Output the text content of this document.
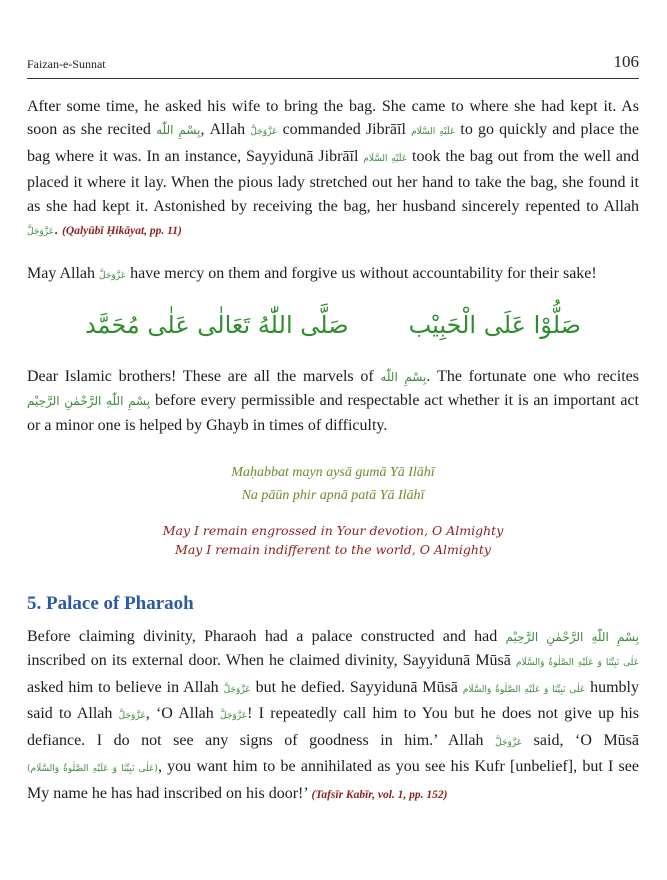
Faizan-e-Sunnat	106

After some time, he asked his wife to bring the bag. She came to where she had kept it. As soon as she recited بِسْمِ اللّٰه, Allah عَزَّوَجَلَّ commanded Jibrāīl عَلَيْهِ السَّلَام to go quickly and place the bag where it was. In an instance, Sayyidunā Jibrāīl عَلَيْهِ السَّلَام took the bag out from the well and placed it where it lay. When the pious lady stretched out her hand to take the bag, she found it as she had kept it. Astonished by receiving the bag, her husband sincerely repented to Allah عَزَّوَجَلَّ. (Qalyūbī Ḥikāyat, pp. 11)

May Allah عَزَّوَجَلَّ have mercy on them and forgive us without accountability for their sake!

صَلَّى اللّٰهُ تَعَالٰى عَلٰى مُحَمَّد	صَلُّوْا عَلَى الْحَبِيْب

Dear Islamic brothers! These are all the marvels of بِسْمِ اللّٰه. The fortunate one who recites بِسْمِ اللّٰهِ الرَّحْمٰنِ الرَّحِيْم before every permissible and respectable act whether it is an important act or a minor one is helped by Ghayb in times of difficulty.

Maḥabbat mayn aysā gumā Yā Ilāhī
Na pāūn phir apnā patā Yā Ilāhī
May I remain engrossed in Your devotion, O Almighty
May I remain indifferent to the world, O Almighty
5. Palace of Pharaoh

Before claiming divinity, Pharaoh had a palace constructed and had بِسْمِ اللّٰهِ الرَّحْمٰنِ الرَّحِيْم inscribed on its external door. When he claimed divinity, Sayyidunā Mūsā عَلٰى نَبِيِّنَا وَ عَلَيْهِ الصَّلٰوةُ وَالسَّلَام asked him to believe in Allah عَزَّوَجَلَّ but he defied. Sayyidunā Mūsā عَلٰى نَبِيِّنَا وَ عَلَيْهِ الصَّلٰوةُ وَالسَّلَام humbly said to Allah عَزَّوَجَلَّ, ‘O Allah عَزَّوَجَلَّ! I repeatedly call him to You but he does not give up his defiance. I do not see any signs of goodness in him.’ Allah عَزَّوَجَلَّ said, ‘O Mūsā (عَلٰى نَبِيِّنَا وَ عَلَيْهِ الصَّلٰوةُ وَالسَّلَام), you want him to be annihilated as you see his Kufr [unbelief], but I see My name he has had inscribed on his door!’ (Tafsīr Kabīr, vol. 1, pp. 152)
